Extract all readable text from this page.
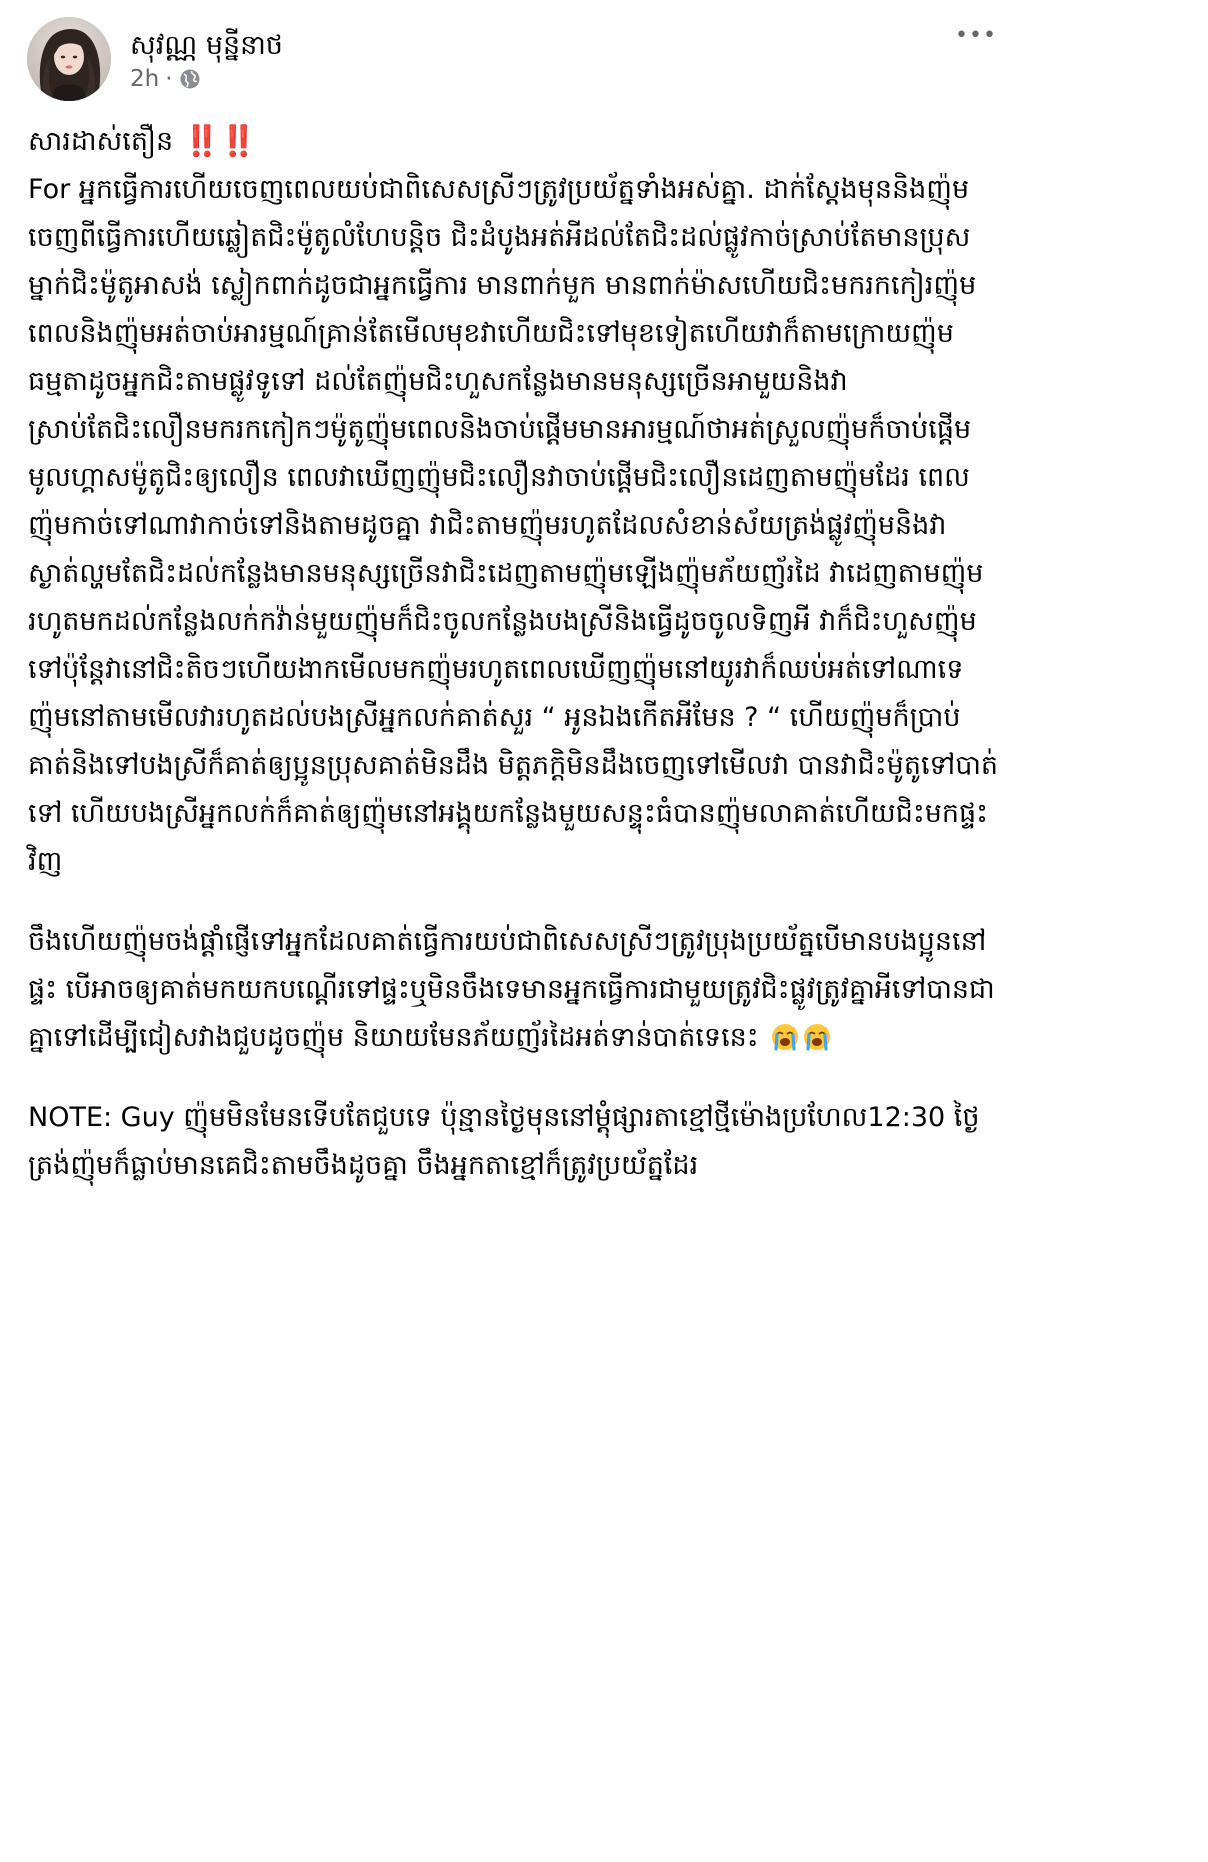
សុវណ្ណ មុន្នីនាថ
2h ·
•••
សារដាស់តឿន ‼️‼️

For អ្នកធ្វើការហើយចេញពេលយប់ជាពិសេសស្រីៗត្រូវប្រយ័ត្នទាំងអស់គ្នា. ដាក់ស្តែងមុននិងញ៉ុមចេញពីធ្វើការហើយឆ្លៀតជិះម៉ូតូលំហែបន្តិច ជិះដំបូងអត់អីដល់តែជិះដល់ផ្លូវកាច់ស្រាប់តែមានប្រុសម្នាក់ជិះម៉ូតូអាសង់ ស្លៀកពាក់ដូចជាអ្នកធ្វើការ មានពាក់មួក មានពាក់ម៉ាសហើយជិះមករកកៀរញ៉ុម ពេលនិងញ៉ុមអត់ចាប់អារម្មណ៍គ្រាន់តែមើលមុខវាហើយជិះទៅមុខទៀតហើយវាក៏តាមក្រោយញ៉ុមធម្មតាដូចអ្នកជិះតាមផ្លូវទូទៅ ដល់តែញ៉ុមជិះហួសកន្លែងមានមនុស្សច្រើនអាមួយនិងវាស្រាប់តែជិះលឿនមករកកៀកៗម៉ូតូញ៉ុមពេលនិងចាប់ផ្តើមមានអារម្មណ៍ថាអត់ស្រួលញ៉ុមក៏ចាប់ផ្តើមមូលហ្គាសម៉ូតូជិះឲ្យលឿន ពេលវាឃើញញ៉ុមជិះលឿនវាចាប់ផ្តើមជិះលឿនដេញតាមញ៉ុមដែរ ពេលញ៉ុមកាច់ទៅណាវាកាច់ទៅនិងតាមដូចគ្នា វាជិះតាមញ៉ុមរហូតដែលសំខាន់ស័យត្រង់ផ្លូវញ៉ុមនិងវាស្ងាត់ល្ហមតែជិះដល់កន្លែងមានមនុស្សច្រើនវាជិះដេញតាមញ៉ុមឡើងញ៉ុមភ័យញ័រដៃ វាដេញតាមញ៉ុមរហូតមកដល់កន្លែងលក់កវ៉ាន់មួយញ៉ុមក៏ជិះចូលកន្លែងបងស្រីនិងធ្វើដូចចូលទិញអី វាក៏ជិះហួសញ៉ុមទៅប៉ុន្តែវានៅជិះតិចៗហើយងាកមើលមកញ៉ុមរហូតពេលឃើញញ៉ុមនៅយូរវាក៏ឈប់អត់ទៅណាទេ ញ៉ុមនៅតាមមើលវារហូតដល់បងស្រីអ្នកលក់គាត់សួរ “ អូនឯងកើតអីមែន ? “ ហើយញ៉ុមក៏ប្រាប់គាត់និងទៅបងស្រីក៏គាត់ឲ្យប្អូនប្រុសគាត់មិនដឹង មិត្តភក្តិមិនដឹងចេញទៅមើលវា បានវាជិះម៉ូតូទៅបាត់ទៅ ហើយបងស្រីអ្នកលក់ក៏គាត់ឲ្យញ៉ុមនៅអង្គុយកន្លែងមួយសន្ទុះធំបានញ៉ុមលាគាត់ហើយជិះមកផ្ទះវិញ

ចឹងហើយញ៉ុមចង់ផ្តាំផ្ញើទៅអ្នកដែលគាត់ធ្វើការយប់ជាពិសេសស្រីៗត្រូវប្រុងប្រយ័ត្នបើមានបងប្អូននៅផ្ទះ បើអាចឲ្យគាត់មកយកបណ្តើរទៅផ្ទះឬមិនចឹងទេមានអ្នកធ្វើការជាមួយត្រូវជិះផ្លូវត្រូវគ្នាអីទៅបានជាគ្នាទៅដើម្បីជៀសវាងជួបដូចញ៉ុម និយាយមែនភ័យញ័រដៃអត់ទាន់បាត់ទេនេះ

NOTE: Guy ញ៉ុមមិនមែនទើបតែជួបទេ ប៉ុន្មានថ្ងៃមុននៅម្តុំផ្សារតាខ្មៅថ្មីម៉ោងប្រហែល12:30 ថ្ងៃត្រង់ញ៉ុមក៏ធ្លាប់មានគេជិះតាមចឹងដូចគ្នា ចឹងអ្នកតាខ្មៅក៏ត្រូវប្រយ័ត្នដែរ
